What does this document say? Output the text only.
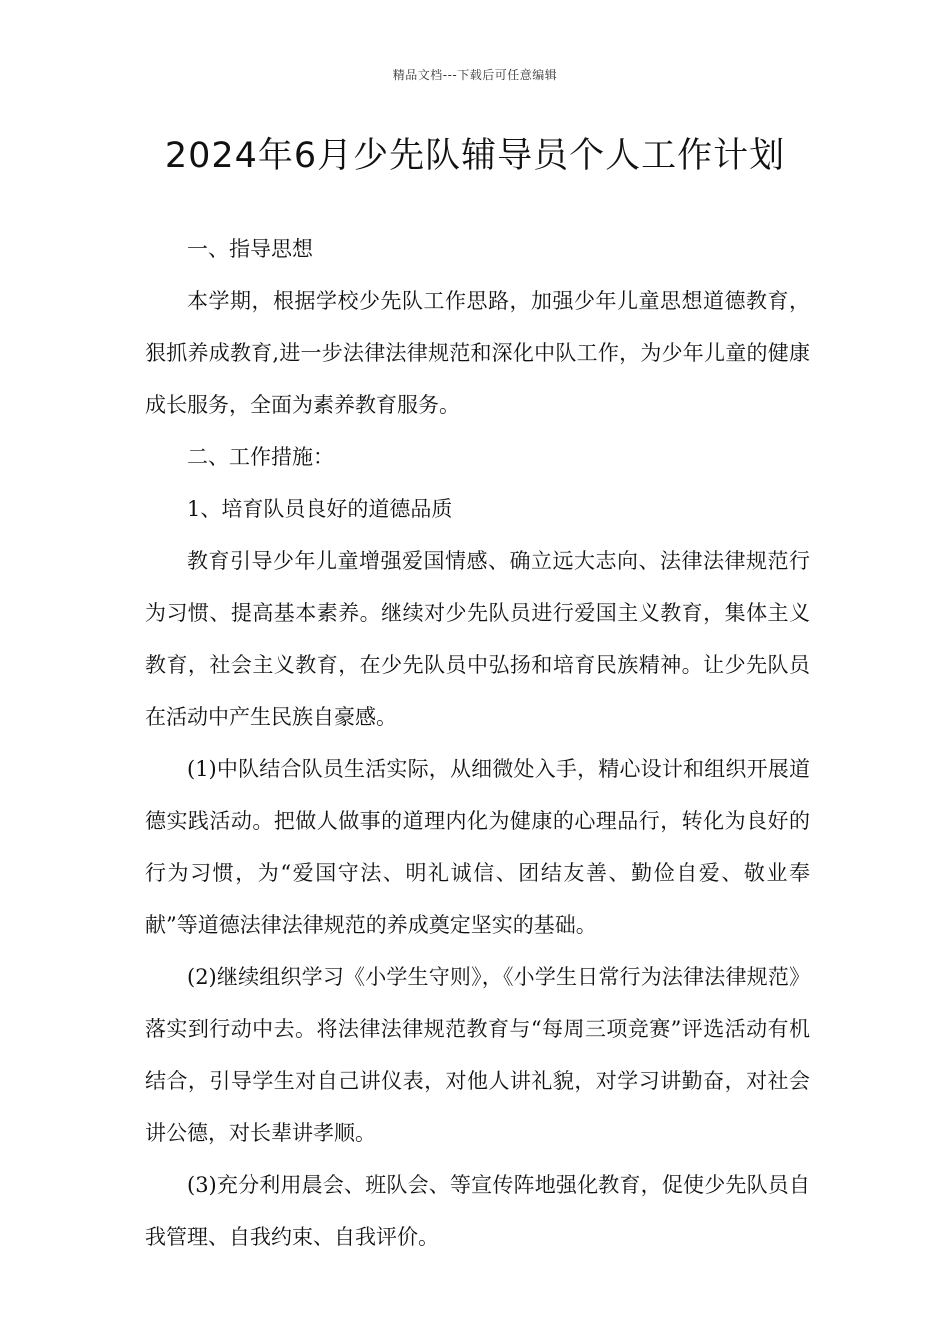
精品文档---下载后可任意编辑
2024年6月少先队辅导员个人工作计划

一、指导思想

本学期，根据学校少先队工作思路，加强少年儿童思想道德教育，狠抓养成教育,进一步法律法律规范和深化中队工作，为少年儿童的健康成长服务，全面为素养教育服务。

二、工作措施：

1、培育队员良好的道德品质

教育引导少年儿童增强爱国情感、确立远大志向、法律法律规范行为习惯、提高基本素养。继续对少先队员进行爱国主义教育，集体主义教育，社会主义教育，在少先队员中弘扬和培育民族精神。让少先队员在活动中产生民族自豪感。

(1)中队结合队员生活实际，从细微处入手，精心设计和组织开展道德实践活动。把做人做事的道理内化为健康的心理品行，转化为良好的行为习惯，为“爱国守法、明礼诚信、团结友善、勤俭自爱、敬业奉献”等道德法律法律规范的养成奠定坚实的基础。

(2)继续组织学习《小学生守则》，《小学生日常行为法律法律规范》落实到行动中去。将法律法律规范教育与“每周三项竞赛”评选活动有机结合，引导学生对自己讲仪表，对他人讲礼貌，对学习讲勤奋，对社会讲公德，对长辈讲孝顺。

(3)充分利用晨会、班队会、等宣传阵地强化教育，促使少先队员自我管理、自我约束、自我评价。
